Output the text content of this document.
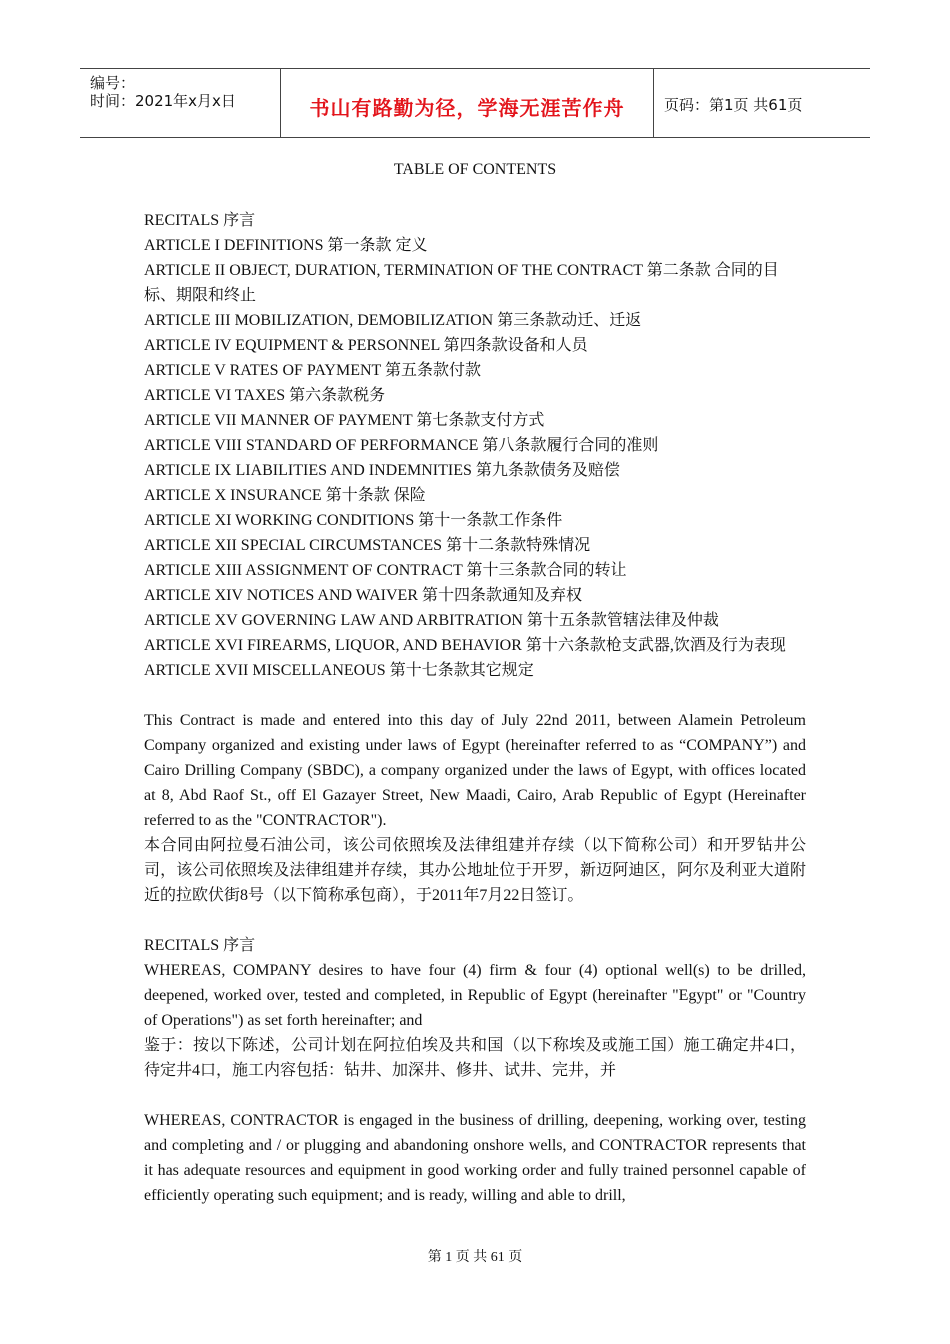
编号：
时间：2021年x月x日	书山有路勤为径，学海无涯苦作舟	页码：第1页 共61页
TABLE OF CONTENTS

RECITALS 序言

ARTICLE I DEFINITIONS 第一条款 定义

ARTICLE II OBJECT, DURATION, TERMINATION OF THE CONTRACT 第二条款 合同的目标、期限和终止

ARTICLE III MOBILIZATION, DEMOBILIZATION 第三条款动迁、迁返

ARTICLE IV EQUIPMENT & PERSONNEL 第四条款设备和人员

ARTICLE V RATES OF PAYMENT 第五条款付款

ARTICLE VI TAXES 第六条款税务

ARTICLE VII MANNER OF PAYMENT 第七条款支付方式

ARTICLE VIII STANDARD OF PERFORMANCE 第八条款履行合同的准则

ARTICLE IX LIABILITIES AND INDEMNITIES 第九条款债务及赔偿

ARTICLE X INSURANCE 第十条款 保险

ARTICLE XI WORKING CONDITIONS 第十一条款工作条件

ARTICLE XII SPECIAL CIRCUMSTANCES 第十二条款特殊情况

ARTICLE XIII ASSIGNMENT OF CONTRACT 第十三条款合同的转让

ARTICLE XIV NOTICES AND WAIVER 第十四条款通知及弃权

ARTICLE XV GOVERNING LAW AND ARBITRATION 第十五条款管辖法律及仲裁

ARTICLE XVI FIREARMS, LIQUOR, AND BEHAVIOR 第十六条款枪支武器,饮酒及行为表现

ARTICLE XVII MISCELLANEOUS 第十七条款其它规定

This Contract is made and entered into this day of July 22nd 2011, between Alamein Petroleum Company organized and existing under laws of Egypt (hereinafter referred to as “COMPANY”) and Cairo Drilling Company (SBDC), a company organized under the laws of Egypt, with offices located at 8, Abd Raof St., off El Gazayer Street, New Maadi, Cairo, Arab Republic of Egypt (Hereinafter referred to as the "CONTRACTOR").

本合同由阿拉曼石油公司，该公司依照埃及法律组建并存续（以下简称公司）和开罗钻井公司，该公司依照埃及法律组建并存续，其办公地址位于开罗，新迈阿迪区，阿尔及利亚大道附近的拉欧伏街8号（以下简称承包商），于2011年7月22日签订。

RECITALS 序言

WHEREAS, COMPANY desires to have four (4) firm & four (4) optional well(s) to be drilled, deepened, worked over, tested and completed, in Republic of Egypt (hereinafter "Egypt" or "Country of Operations") as set forth hereinafter; and

鉴于：按以下陈述，公司计划在阿拉伯埃及共和国（以下称埃及或施工国）施工确定井4口，待定井4口，施工内容包括：钻井、加深井、修井、试井、完井，并

WHEREAS, CONTRACTOR is engaged in the business of drilling, deepening, working over, testing and completing and / or plugging and abandoning onshore wells, and CONTRACTOR represents that it has adequate resources and equipment in good working order and fully trained personnel capable of efficiently operating such equipment; and is ready, willing and able to drill,

第 1 页 共 61 页
